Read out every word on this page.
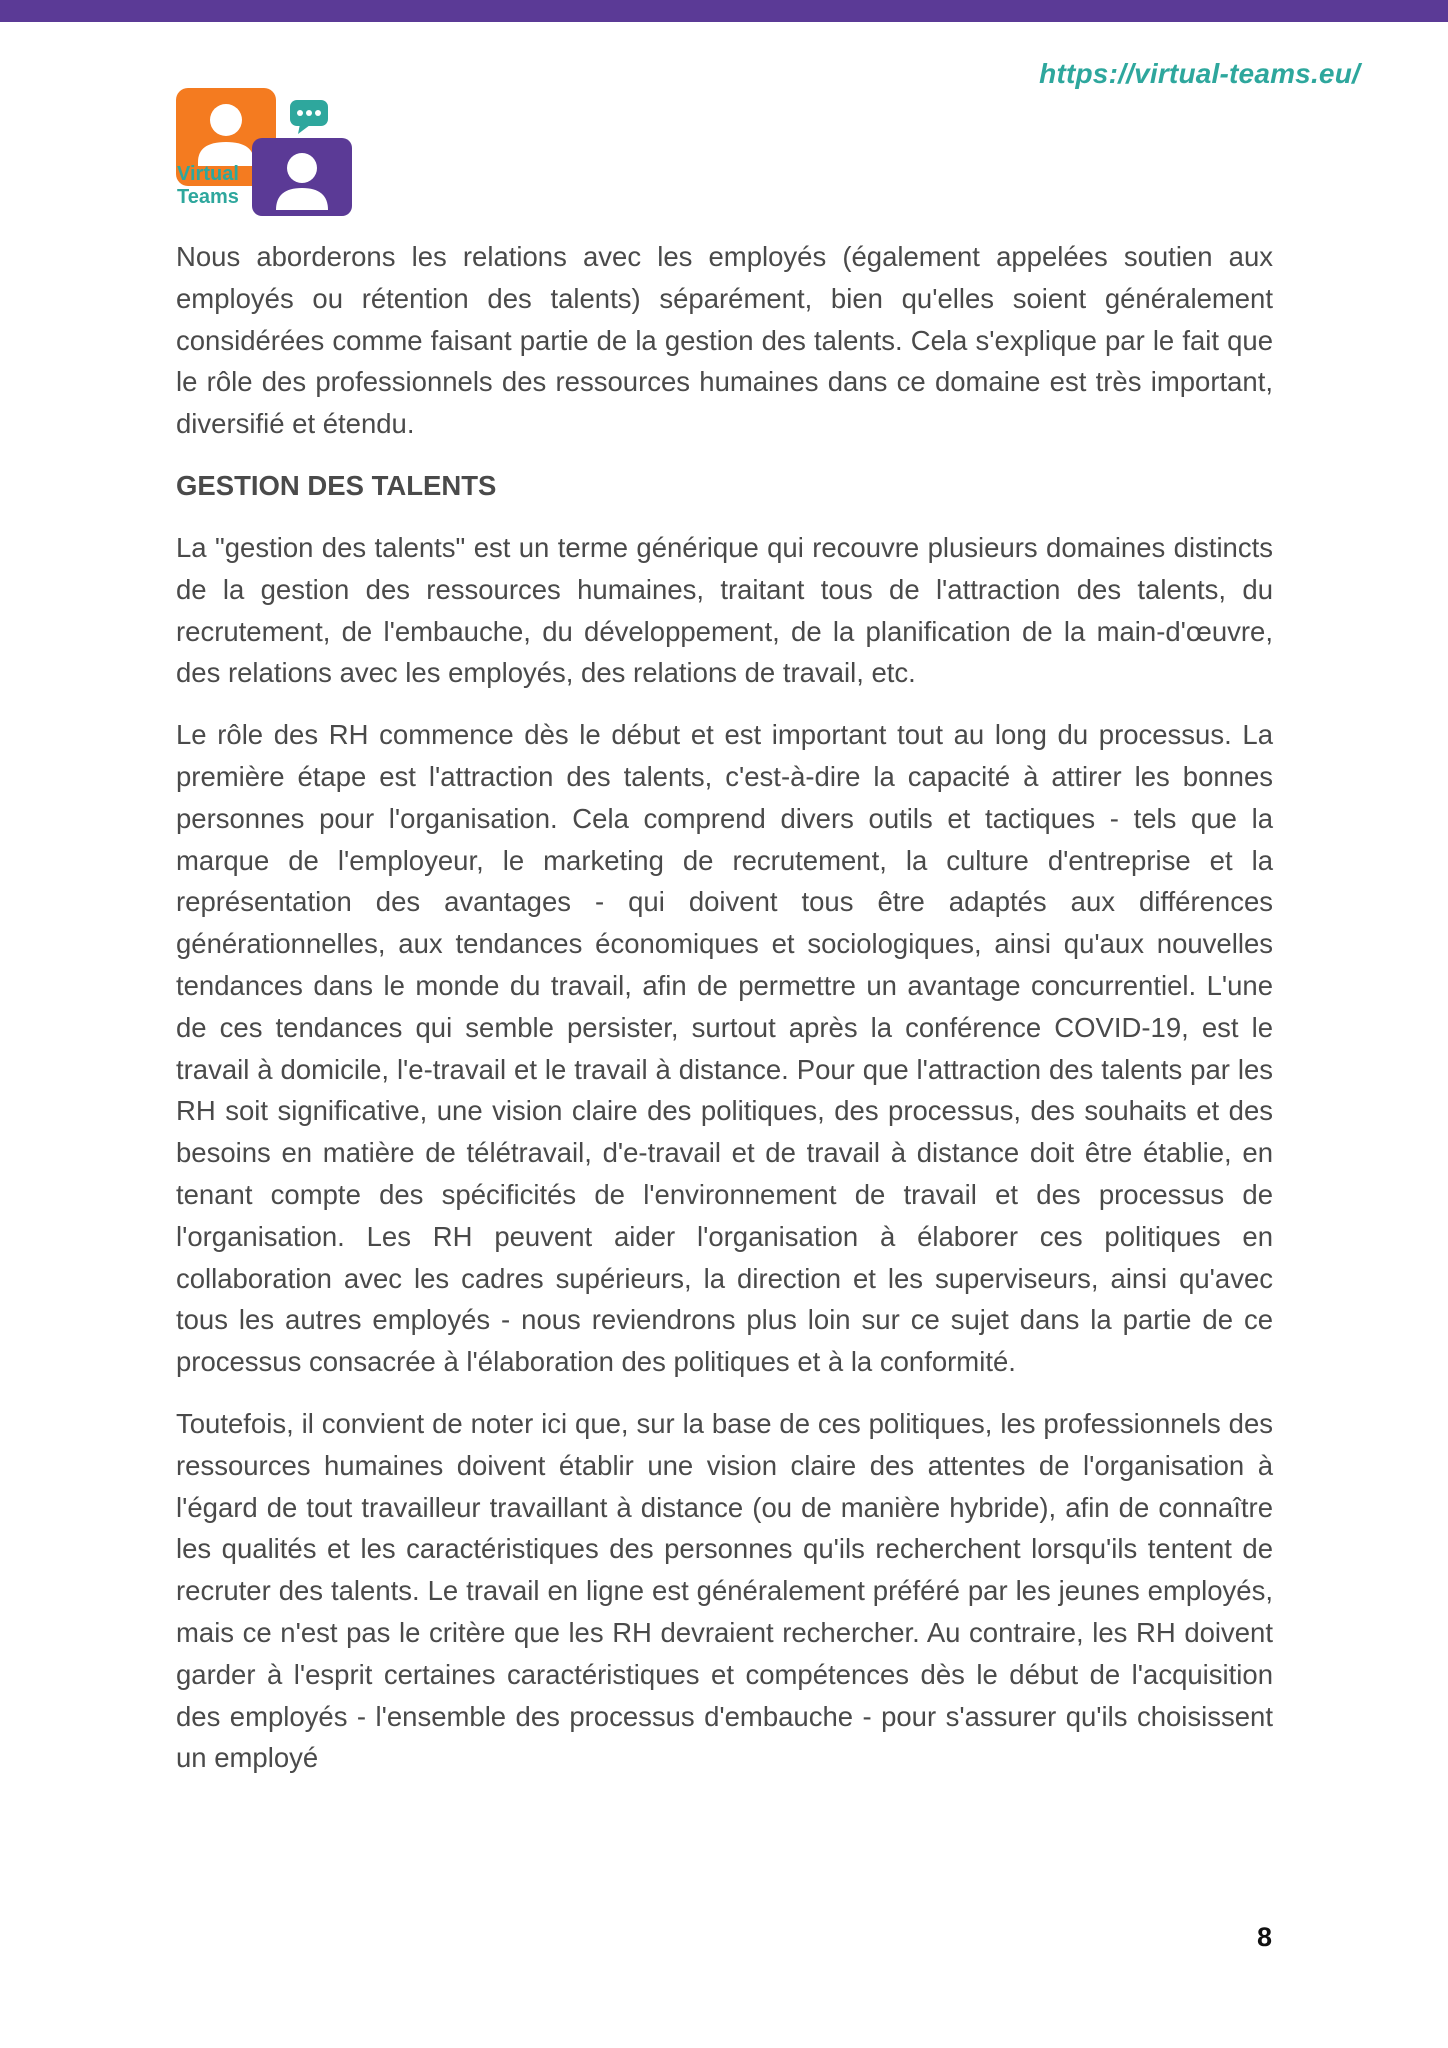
https://virtual-teams.eu/
Virtual
Teams

Nous aborderons les relations avec les employés (également appelées soutien aux employés ou rétention des talents) séparément, bien qu'elles soient généralement considérées comme faisant partie de la gestion des talents. Cela s'explique par le fait que le rôle des professionnels des ressources humaines dans ce domaine est très important, diversifié et étendu.

GESTION DES TALENTS

La "gestion des talents" est un terme générique qui recouvre plusieurs domaines distincts de la gestion des ressources humaines, traitant tous de l'attraction des talents, du recrutement, de l'embauche, du développement, de la planification de la main-d'œuvre, des relations avec les employés, des relations de travail, etc.

Le rôle des RH commence dès le début et est important tout au long du processus. La première étape est l'attraction des talents, c'est-à-dire la capacité à attirer les bonnes personnes pour l'organisation. Cela comprend divers outils et tactiques - tels que la marque de l'employeur, le marketing de recrutement, la culture d'entreprise et la représentation des avantages - qui doivent tous être adaptés aux différences générationnelles, aux tendances économiques et sociologiques, ainsi qu'aux nouvelles tendances dans le monde du travail, afin de permettre un avantage concurrentiel. L'une de ces tendances qui semble persister, surtout après la conférence COVID-19, est le travail à domicile, l'e-travail et le travail à distance. Pour que l'attraction des talents par les RH soit significative, une vision claire des politiques, des processus, des souhaits et des besoins en matière de télétravail, d'e-travail et de travail à distance doit être établie, en tenant compte des spécificités de l'environnement de travail et des processus de l'organisation. Les RH peuvent aider l'organisation à élaborer ces politiques en collaboration avec les cadres supérieurs, la direction et les superviseurs, ainsi qu'avec tous les autres employés - nous reviendrons plus loin sur ce sujet dans la partie de ce processus consacrée à l'élaboration des politiques et à la conformité.

Toutefois, il convient de noter ici que, sur la base de ces politiques, les professionnels des ressources humaines doivent établir une vision claire des attentes de l'organisation à l'égard de tout travailleur travaillant à distance (ou de manière hybride), afin de connaître les qualités et les caractéristiques des personnes qu'ils recherchent lorsqu'ils tentent de recruter des talents. Le travail en ligne est généralement préféré par les jeunes employés, mais ce n'est pas le critère que les RH devraient rechercher. Au contraire, les RH doivent garder à l'esprit certaines caractéristiques et compétences dès le début de l'acquisition des employés - l'ensemble des processus d'embauche - pour s'assurer qu'ils choisissent un employé

8
